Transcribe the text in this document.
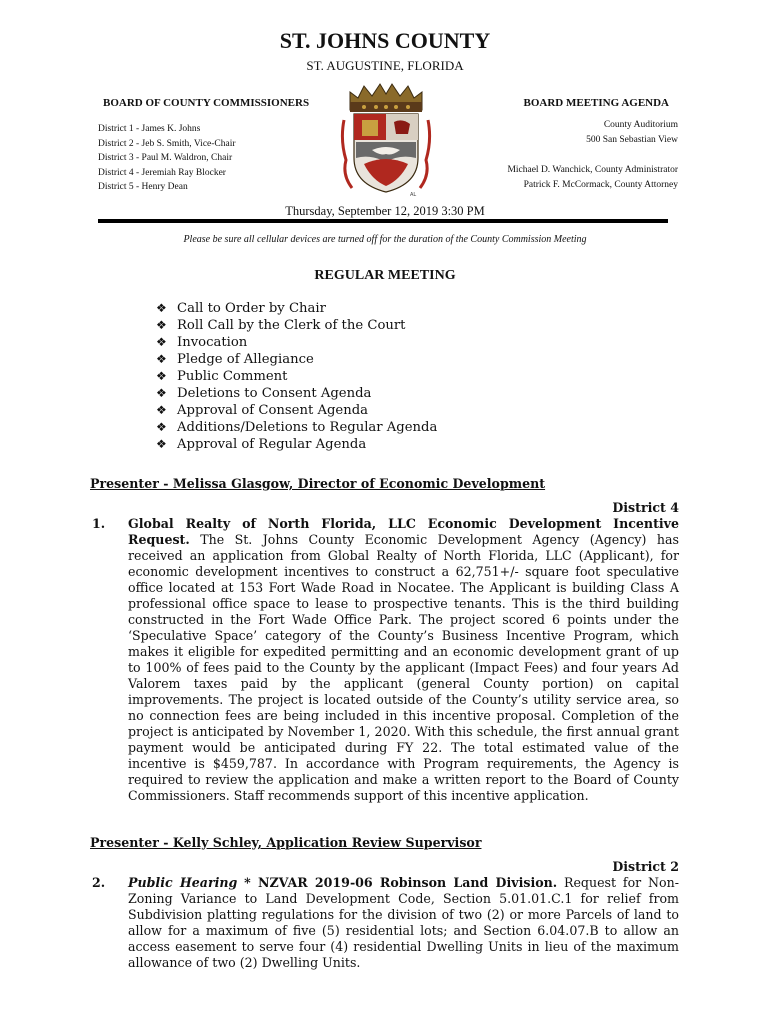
ST. JOHNS COUNTY
ST. AUGUSTINE, FLORIDA
BOARD OF COUNTY COMMISSIONERS	BOARD MEETING AGENDA
District 1 - James K. Johns
District 2 - Jeb S. Smith, Vice-Chair
District 3 - Paul M. Waldron, Chair
District 4 - Jeremiah Ray Blocker
District 5 - Henry Dean
County Auditorium
500 San Sebastian View
Michael D. Wanchick, County Administrator
Patrick F. McCormack, County Attorney
AL
Thursday, September 12, 2019 3:30 PM
Please be sure all cellular devices are turned off for the duration of the County Commission Meeting
REGULAR MEETING
❖ Call to Order by Chair
❖ Roll Call by the Clerk of the Court
❖ Invocation
❖ Pledge of Allegiance
❖ Public Comment
❖ Deletions to Consent Agenda
❖ Approval of Consent Agenda
❖ Additions/Deletions to Regular Agenda
❖ Approval of Regular Agenda
Presenter - Melissa Glasgow, Director of Economic Development
District 4
1. Global Realty of North Florida, LLC Economic Development Incentive Request. The St. Johns County Economic Development Agency (Agency) has received an application from Global Realty of North Florida, LLC (Applicant), for economic development incentives to construct a 62,751+/- square foot speculative office located at 153 Fort Wade Road in Nocatee. The Applicant is building Class A professional office space to lease to prospective tenants. This is the third building constructed in the Fort Wade Office Park. The project scored 6 points under the ‘Speculative Space’ category of the County’s Business Incentive Program, which makes it eligible for expedited permitting and an economic development grant of up to 100% of fees paid to the County by the applicant (Impact Fees) and four years Ad Valorem taxes paid by the applicant (general County portion) on capital improvements. The project is located outside of the County’s utility service area, so no connection fees are being included in this incentive proposal. Completion of the project is anticipated by November 1, 2020. With this schedule, the first annual grant payment would be anticipated during FY 22. The total estimated value of the incentive is $459,787. In accordance with Program requirements, the Agency is required to review the application and make a written report to the Board of County Commissioners. Staff recommends support of this incentive application.
Presenter - Kelly Schley, Application Review Supervisor
District 2
2. Public Hearing * NZVAR 2019-06 Robinson Land Division. Request for Non-Zoning Variance to Land Development Code, Section 5.01.01.C.1 for relief from Subdivision platting regulations for the division of two (2) or more Parcels of land to allow for a maximum of five (5) residential lots; and Section 6.04.07.B to allow an access easement to serve four (4) residential Dwelling Units in lieu of the maximum allowance of two (2) Dwelling Units.
